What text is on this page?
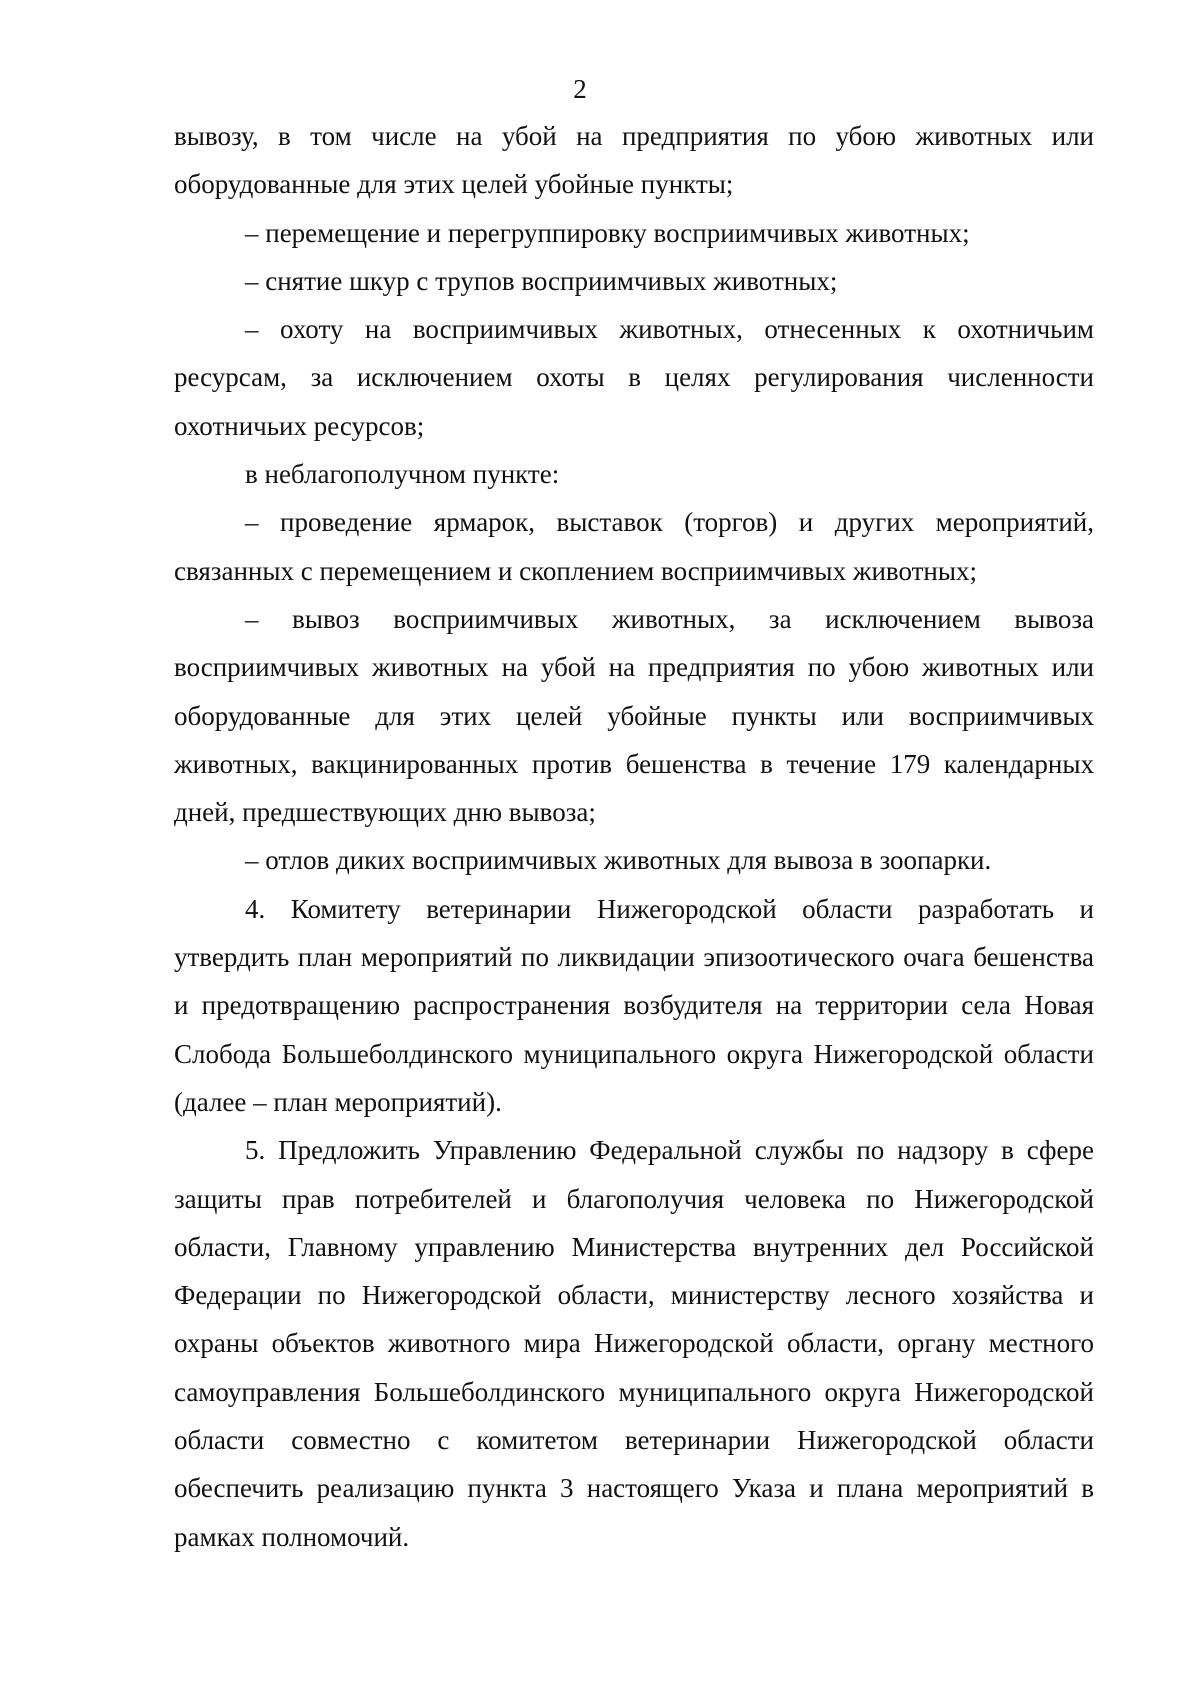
2

вывозу, в том числе на убой на предприятия по убою животных или оборудованные для этих целей убойные пункты;

– перемещение и перегруппировку восприимчивых животных;

– снятие шкур с трупов восприимчивых животных;

– охоту на восприимчивых животных, отнесенных к охотничьим ресурсам, за исключением охоты в целях регулирования численности охотничьих ресурсов;

в неблагополучном пункте:

– проведение ярмарок, выставок (торгов) и других мероприятий, связанных с перемещением и скоплением восприимчивых животных;

– вывоз восприимчивых животных, за исключением вывоза восприимчивых животных на убой на предприятия по убою животных или оборудованные для этих целей убойные пункты или восприимчивых животных, вакцинированных против бешенства в течение 179 календарных дней, предшествующих дню вывоза;

– отлов диких восприимчивых животных для вывоза в зоопарки.

4. Комитету ветеринарии Нижегородской области разработать и утвердить план мероприятий по ликвидации эпизоотического очага бешенства и предотвращению распространения возбудителя на территории села Новая Слобода Большеболдинского муниципального округа Нижегородской области (далее – план мероприятий).

5. Предложить Управлению Федеральной службы по надзору в сфере защиты прав потребителей и благополучия человека по Нижегородской области, Главному управлению Министерства внутренних дел Российской Федерации по Нижегородской области, министерству лесного хозяйства и охраны объектов животного мира Нижегородской области, органу местного самоуправления Большеболдинского муниципального округа Нижегородской области совместно с комитетом ветеринарии Нижегородской области обеспечить реализацию пункта 3 настоящего Указа и плана мероприятий в рамках полномочий.
